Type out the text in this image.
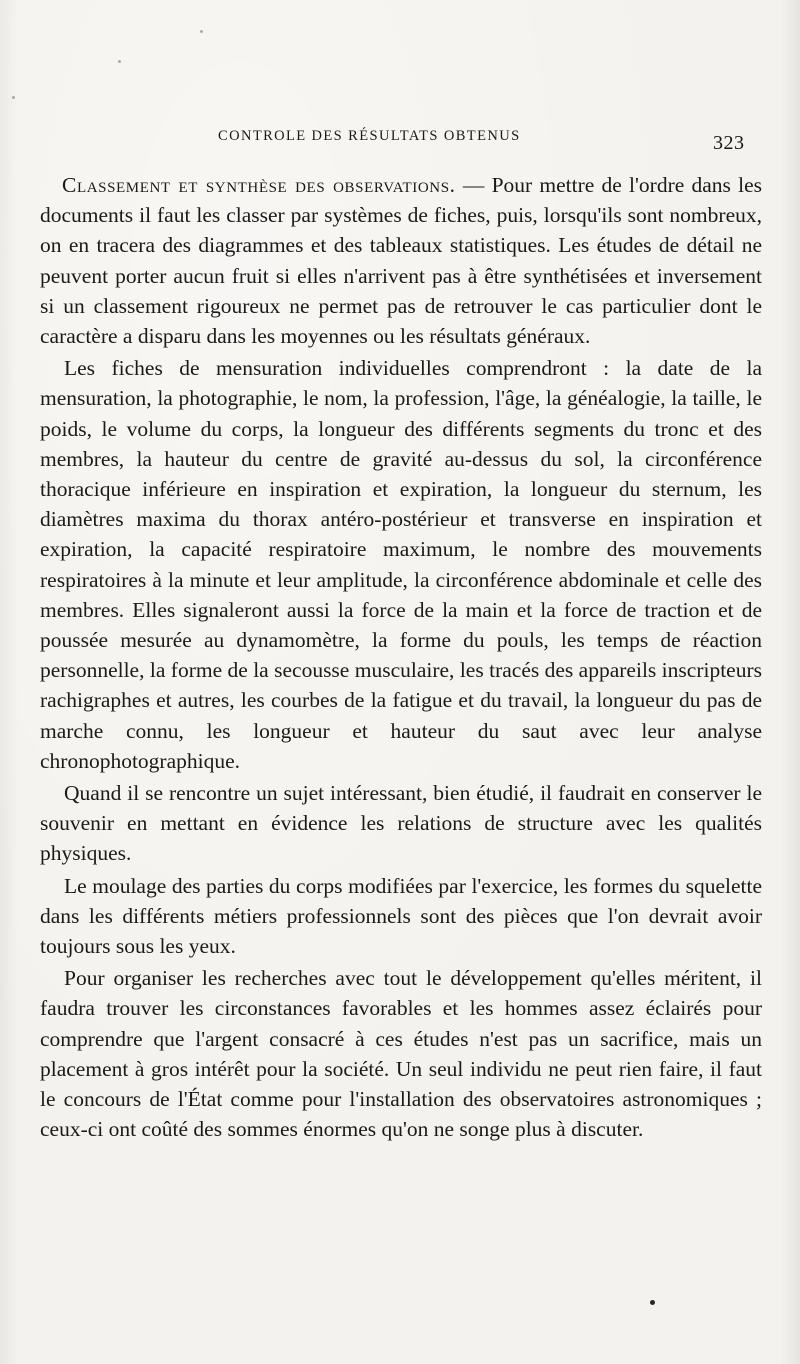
CONTROLE DES RÉSULTATS OBTENUS	323

Classement et synthèse des observations. — Pour mettre de l'ordre dans les documents il faut les classer par systèmes de fiches, puis, lorsqu'ils sont nombreux, on en tracera des diagrammes et des tableaux statistiques. Les études de détail ne peuvent porter aucun fruit si elles n'arrivent pas à être synthétisées et inversement si un classement rigoureux ne permet pas de retrouver le cas particulier dont le caractère a disparu dans les moyennes ou les résultats généraux.

Les fiches de mensuration individuelles comprendront : la date de la mensuration, la photographie, le nom, la profession, l'âge, la généalogie, la taille, le poids, le volume du corps, la longueur des différents segments du tronc et des membres, la hauteur du centre de gravité au-dessus du sol, la circonférence thoracique inférieure en inspiration et expiration, la longueur du sternum, les diamètres maxima du thorax antéro-postérieur et transverse en inspiration et expiration, la capacité respiratoire maximum, le nombre des mouvements respiratoires à la minute et leur amplitude, la circonférence abdominale et celle des membres. Elles signaleront aussi la force de la main et la force de traction et de poussée mesurée au dynamomètre, la forme du pouls, les temps de réaction personnelle, la forme de la secousse musculaire, les tracés des appareils inscripteurs rachigraphes et autres, les courbes de la fatigue et du travail, la longueur du pas de marche connu, les longueur et hauteur du saut avec leur analyse chronophotographique.

Quand il se rencontre un sujet intéressant, bien étudié, il faudrait en conserver le souvenir en mettant en évidence les relations de structure avec les qualités physiques.

Le moulage des parties du corps modifiées par l'exercice, les formes du squelette dans les différents métiers professionnels sont des pièces que l'on devrait avoir toujours sous les yeux.

Pour organiser les recherches avec tout le développement qu'elles méritent, il faudra trouver les circonstances favorables et les hommes assez éclairés pour comprendre que l'argent consacré à ces études n'est pas un sacrifice, mais un placement à gros intérêt pour la société. Un seul individu ne peut rien faire, il faut le concours de l'État comme pour l'installation des observatoires astronomiques ; ceux-ci ont coûté des sommes énormes qu'on ne songe plus à discuter.
